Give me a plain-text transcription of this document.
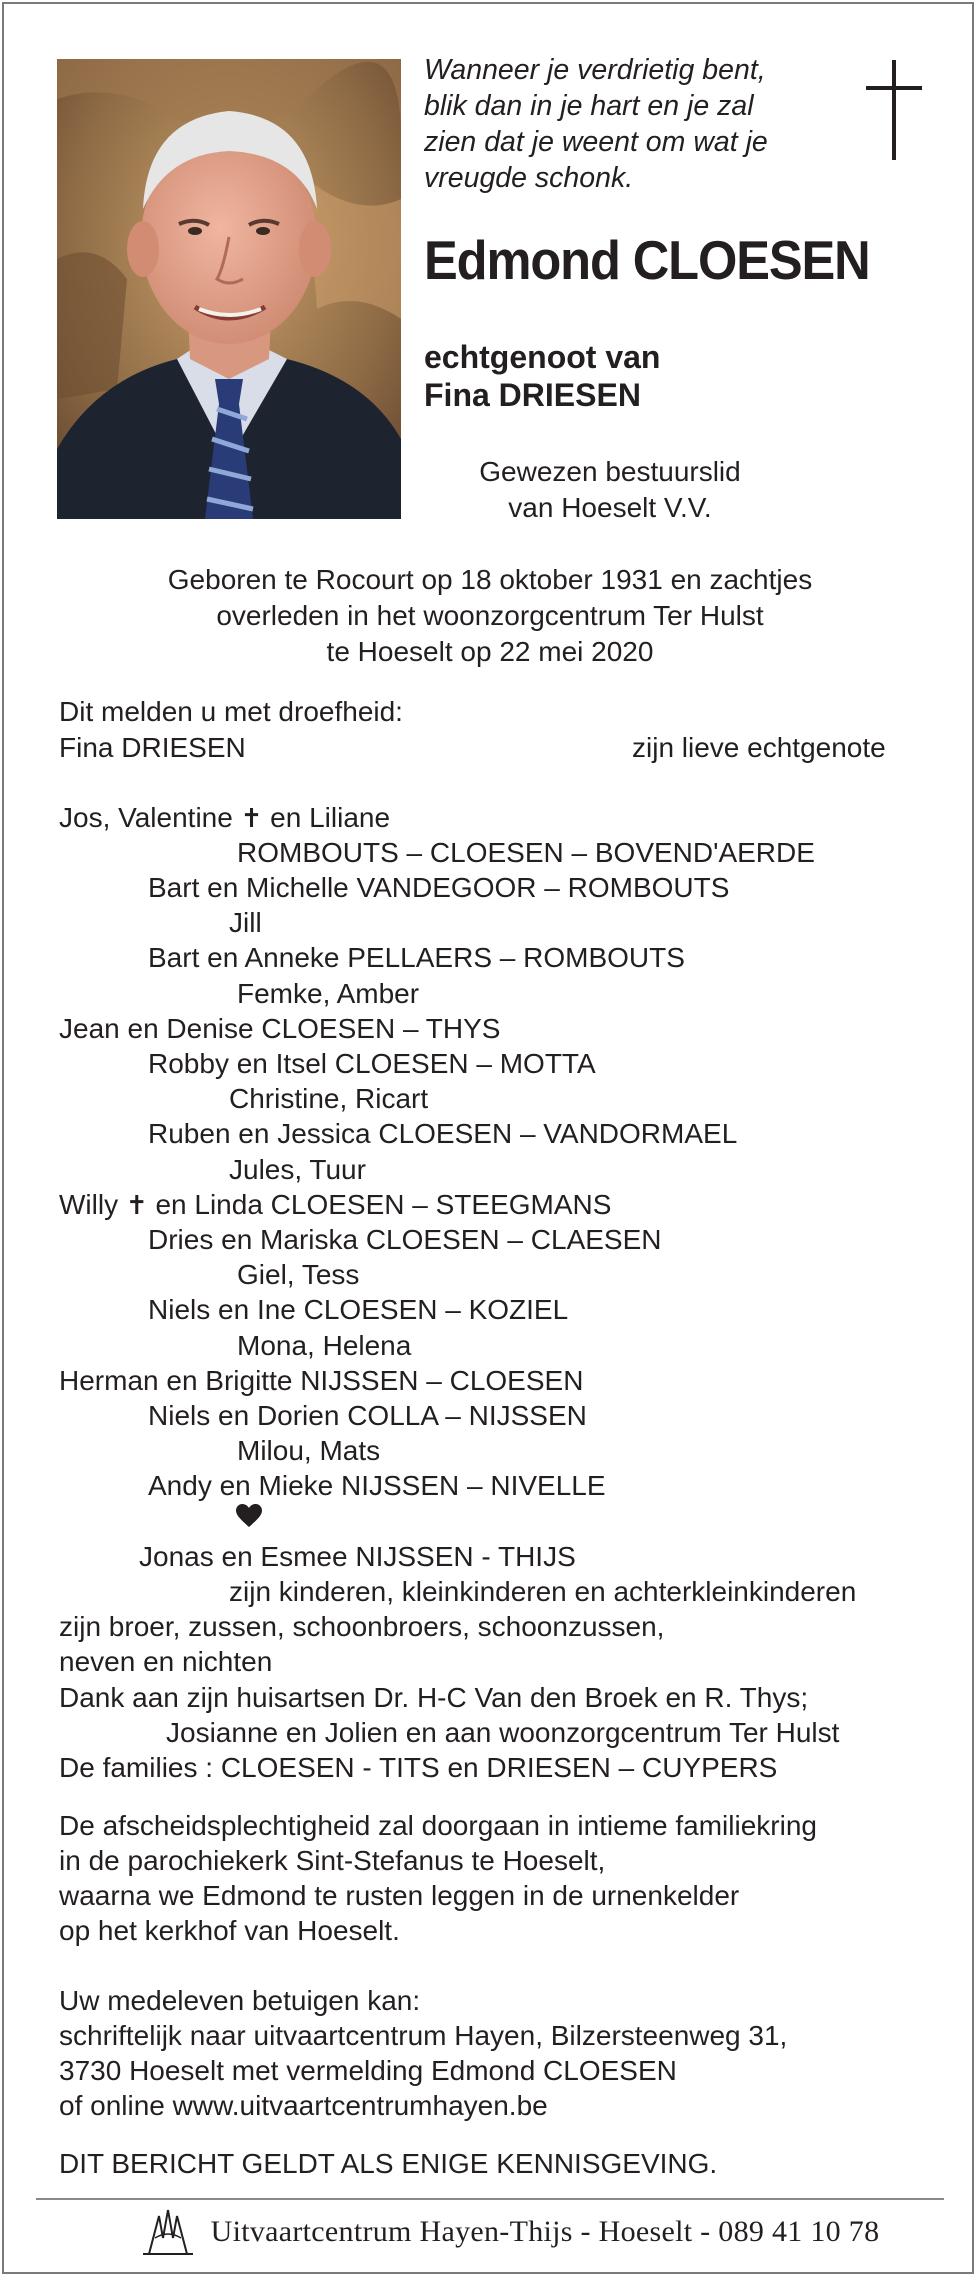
Wanneer je verdrietig bent,
blik dan in je hart en je zal
zien dat je weent om wat je
vreugde schonk.
Edmond CLOESEN
echtgenoot van
Fina DRIESEN
Gewezen bestuurslid
van Hoeselt V.V.
Geboren te Rocourt op 18 oktober 1931 en zachtjes
overleden in het woonzorgcentrum Ter Hulst
te Hoeselt op 22 mei 2020
Dit melden u met droefheid:
Fina DRIESEN	zijn lieve echtgenote
Jos, Valentine ✝ en Liliane
ROMBOUTS – CLOESEN – BOVEND'AERDE
Bart en Michelle VANDEGOOR – ROMBOUTS
Jill
Bart en Anneke PELLAERS – ROMBOUTS
Femke, Amber
Jean en Denise CLOESEN – THYS
Robby en Itsel CLOESEN – MOTTA
Christine, Ricart
Ruben en Jessica CLOESEN – VANDORMAEL
Jules, Tuur
Willy ✝ en Linda CLOESEN – STEEGMANS
Dries en Mariska CLOESEN – CLAESEN
Giel, Tess
Niels en Ine CLOESEN – KOZIEL
Mona, Helena
Herman en Brigitte NIJSSEN – CLOESEN
Niels en Dorien COLLA – NIJSSEN
Milou, Mats
Andy en Mieke NIJSSEN – NIVELLE
Jonas en Esmee NIJSSEN - THIJS
zijn kinderen, kleinkinderen en achterkleinkinderen
zijn broer, zussen, schoonbroers, schoonzussen,
neven en nichten
Dank aan zijn huisartsen Dr. H-C Van den Broek en R. Thys;
Josianne en Jolien en aan woonzorgcentrum Ter Hulst
De families : CLOESEN - TITS en DRIESEN – CUYPERS
De afscheidsplechtigheid zal doorgaan in intieme familiekring
in de parochiekerk Sint-Stefanus te Hoeselt,
waarna we Edmond te rusten leggen in de urnenkelder
op het kerkhof van Hoeselt.
Uw medeleven betuigen kan:
schriftelijk naar uitvaartcentrum Hayen, Bilzersteenweg 31,
3730 Hoeselt met vermelding Edmond CLOESEN
of online www.uitvaartcentrumhayen.be
DIT BERICHT GELDT ALS ENIGE KENNISGEVING.
Uitvaartcentrum Hayen-Thijs - Hoeselt - 089 41 10 78
